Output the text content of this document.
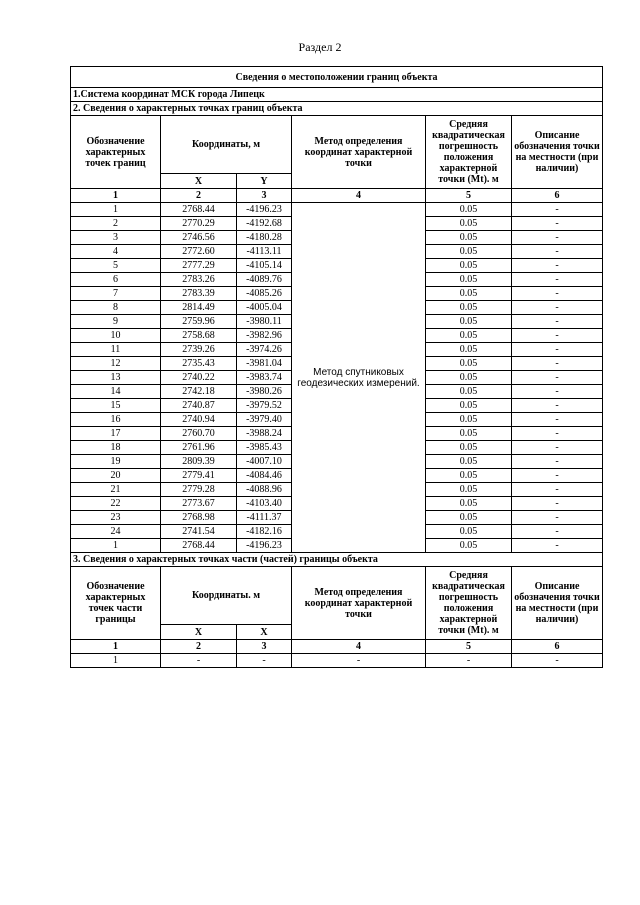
Раздел 2
Сведения о местоположении границ объекта					
1.Система координат МСК города Липецк					
2. Сведения о характерных точках границ объекта					
Обозначение характерных точек границ	Координаты, м		Метод определения координат характерной точки	Средняя квадратическая погрешность положения характерной точки (Mt). м	Описание обозначения точки на местности (при наличии)
	X	Y			
1	2	3	4	5	6
1	2768.44	-4196.23	Метод спутниковых геодезических измерений.	0.05	-
2	2770.29	-4192.68		0.05	-
3	2746.56	-4180.28		0.05	-
4	2772.60	-4113.11		0.05	-
5	2777.29	-4105.14		0.05	-
6	2783.26	-4089.76		0.05	-
7	2783.39	-4085.26		0.05	-
8	2814.49	-4005.04		0.05	-
9	2759.96	-3980.11		0.05	-
10	2758.68	-3982.96		0.05	-
11	2739.26	-3974.26		0.05	-
12	2735.43	-3981.04		0.05	-
13	2740.22	-3983.74		0.05	-
14	2742.18	-3980.26		0.05	-
15	2740.87	-3979.52		0.05	-
16	2740.94	-3979.40		0.05	-
17	2760.70	-3988.24		0.05	-
18	2761.96	-3985.43		0.05	-
19	2809.39	-4007.10		0.05	-
20	2779.41	-4084.46		0.05	-
21	2779.28	-4088.96		0.05	-
22	2773.67	-4103.40		0.05	-
23	2768.98	-4111.37		0.05	-
24	2741.54	-4182.16		0.05	-
1	2768.44	-4196.23		0.05	-
3. Сведения о характерных точках части (частей) границы объекта					
Обозначение характерных точек части границы	Координаты. м		Метод определения координат характерной точки	Средняя квадратическая погрешность положения характерной точки (Mt). м	Описание обозначения точки на местности (при наличии)
	X	X			
1	2	3	4	5	6
1	-	-	-	-	-
